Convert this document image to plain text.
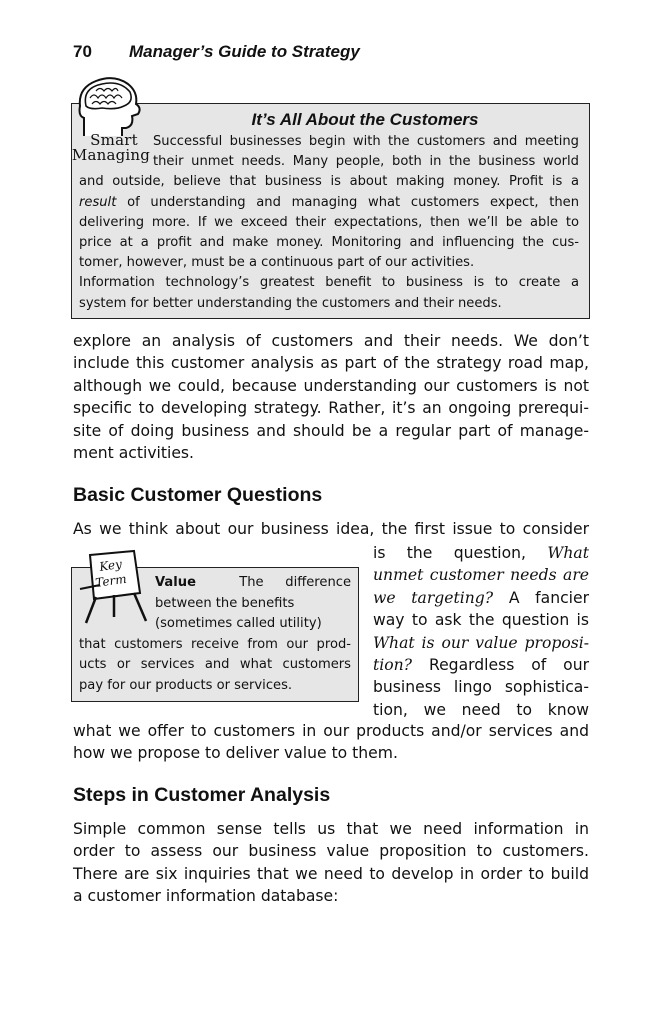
70 Manager’s Guide to Strategy
Smart
Managing
It’s All About the Customers
Successful businesses begin with the customers and meeting
their unmet needs. Many people, both in the business world
and outside, believe that business is about making money. Profit is a
result of understanding and managing what customers expect, then
delivering more. If we exceed their expectations, then we’ll be able to
price at a profit and make money. Monitoring and influencing the cus-
tomer, however, must be a continuous part of our activities.
Information technology’s greatest benefit to business is to create a
system for better understanding the customers and their needs.
explore an analysis of customers and their needs. We don’t
include this customer analysis as part of the strategy road map,
although we could, because understanding our customers is not
specific to developing strategy. Rather, it’s an ongoing prerequi-
site of doing business and should be a regular part of manage-
ment activities.
Basic Customer Questions
As we think about our business idea, the first issue to consider
Key
Term	Value	The difference
between the benefits
(sometimes called utility)
that customers receive from our prod-
ucts or services and what customers
pay for our products or services.
is the question, What
unmet customer needs are
we targeting? A fancier
way to ask the question is
What is our value proposi-
tion? Regardless of our
business lingo sophistica-
tion, we need to know
what we offer to customers in our products and/or services and
how we propose to deliver value to them.
Steps in Customer Analysis
Simple common sense tells us that we need information in
order to assess our business value proposition to customers.
There are six inquiries that we need to develop in order to build
a customer information database:
